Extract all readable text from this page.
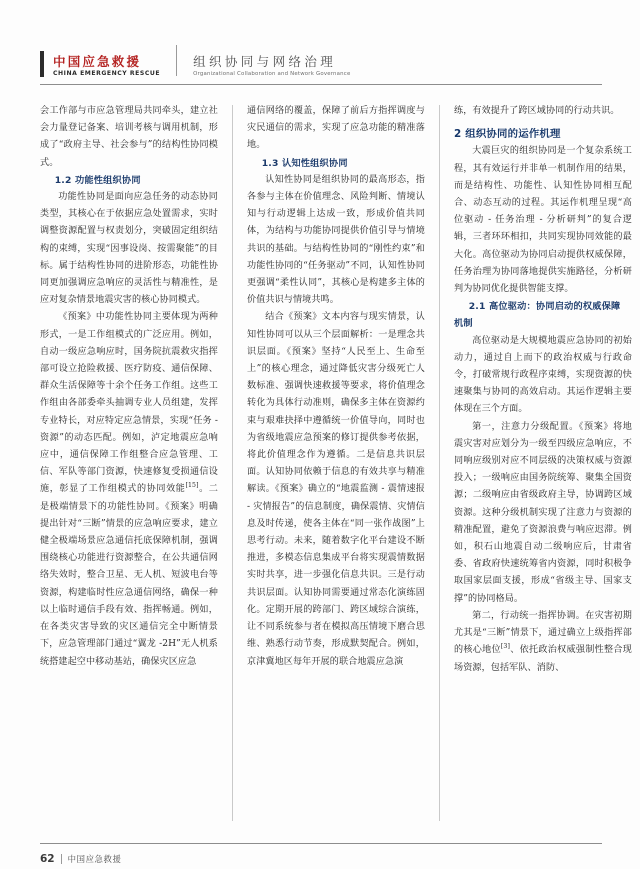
中国应急救援
CHINA EMERGENCY RESCUE
组织协同与网络治理
Organizational Collaboration and Network Governance

会工作部与市应急管理局共同牵头，建立社会力量登记备案、培训考核与调用机制，形成了“政府主导、社会参与”的结构性协同模式。

1.2 功能性组织协同

功能性协同是面向应急任务的动态协同类型，其核心在于依据应急处置需求，实时调整资源配置与权责划分，突破固定组织结构的束缚，实现“因事设岗、按需聚能”的目标。属于结构性协同的进阶形态，功能性协同更加强调应急响应的灵活性与精准性，是应对复杂情景地震灾害的核心协同模式。

《预案》中功能性协同主要体现为两种形式，一是工作组模式的广泛应用。例如，自动一级应急响应时，国务院抗震救灾指挥部可设立抢险救援、医疗防疫、通信保障、群众生活保障等十余个任务工作组。这些工作组由各部委牵头抽调专业人员组建，发挥专业特长，对应特定应急情景，实现“任务 - 资源”的动态匹配。例如，泸定地震应急响应中，通信保障工作组整合应急管理、工信、军队等部门资源，快速修复受损通信设施，彰显了工作组模式的协同效能[15]。二是极端情景下的功能性协同。《预案》明确提出针对“三断”情景的应急响应要求，建立健全极端场景应急通信托底保障机制，强调围绕核心功能进行资源整合，在公共通信网络失效时，整合卫星、无人机、短波电台等资源，构建临时性应急通信网络，确保一种以上临时通信手段有效、指挥畅通。例如，在各类灾害导致的灾区通信完全中断情景下，应急管理部门通过“翼龙 -2H”无人机系统搭建起空中移动基站，确保灾区应急

通信网络的覆盖，保障了前后方指挥调度与灾民通信的需求，实现了应急功能的精准落地。

1.3 认知性组织协同

认知性协同是组织协同的最高形态，指各参与主体在价值理念、风险判断、情境认知与行动逻辑上达成一致，形成价值共同体，为结构与功能协同提供价值引导与情境共识的基础。与结构性协同的“刚性约束”和功能性协同的“任务驱动”不同，认知性协同更强调“柔性认同”，其核心是构建多主体的价值共识与情境共鸣。

结合《预案》文本内容与现实情景，认知性协同可以从三个层面解析：一是理念共识层面。《预案》坚持“人民至上、生命至上”的核心理念，通过降低灾害分级死亡人数标准、强调快速救援等要求，将价值理念转化为具体行动准则，确保多主体在资源约束与艰难抉择中遵循统一价值导向，同时也为省级地震应急预案的修订提供参考依据，将此价值理念作为遵循。二是信息共识层面。认知协同依赖于信息的有效共享与精准解读。《预案》确立的“地震监测 - 震情速报 - 灾情报告”的信息制度，确保震情、灾情信息及时传递，使各主体在“同一张作战图”上思考行动。未来，随着数字化平台建设不断推进，多模态信息集成平台将实现震情数据实时共享，进一步强化信息共识。三是行动共识层面。认知协同需要通过常态化演练固化。定期开展的跨部门、跨区域综合演练，让不同系统参与者在模拟高压情境下磨合思维、熟悉行动节奏，形成默契配合。例如，京津冀地区每年开展的联合地震应急演

练，有效提升了跨区域协同的行动共识。

2 组织协同的运作机理

大震巨灾的组织协同是一个复杂系统工程，其有效运行并非单一机制作用的结果，而是结构性、功能性、认知性协同相互配合、动态互动的过程。其运作机理呈现“高位驱动 - 任务治理 - 分析研判”的复合逻辑，三者环环相扣，共同实现协同效能的最大化。高位驱动为协同启动提供权威保障，任务治理为协同落地提供实施路径，分析研判为协同优化提供智能支撑。

2.1 高位驱动：协同启动的权威保障
机制

高位驱动是大规模地震应急协同的初始动力，通过自上而下的政治权威与行政命令，打破常规行政程序束缚，实现资源的快速聚集与协同的高效启动。其运作逻辑主要体现在三个方面。

第一，注意力分级配置。《预案》将地震灾害对应划分为一级至四级应急响应，不同响应级别对应不同层级的决策权威与资源投入；一级响应由国务院统筹、聚集全国资源；二级响应由省级政府主导，协调跨区域资源。这种分级机制实现了注意力与资源的精准配置，避免了资源浪费与响应迟滞。例如，积石山地震自动二级响应后，甘肃省委、省政府快速统筹省内资源，同时积极争取国家层面支援，形成“省级主导、国家支撑”的协同格局。

第二，行动统一指挥协调。在灾害初期尤其是“三断”情景下，通过确立上级指挥部的核心地位[3]、依托政治权威强制性整合现场资源，包括军队、消防、

62 中国应急救援
